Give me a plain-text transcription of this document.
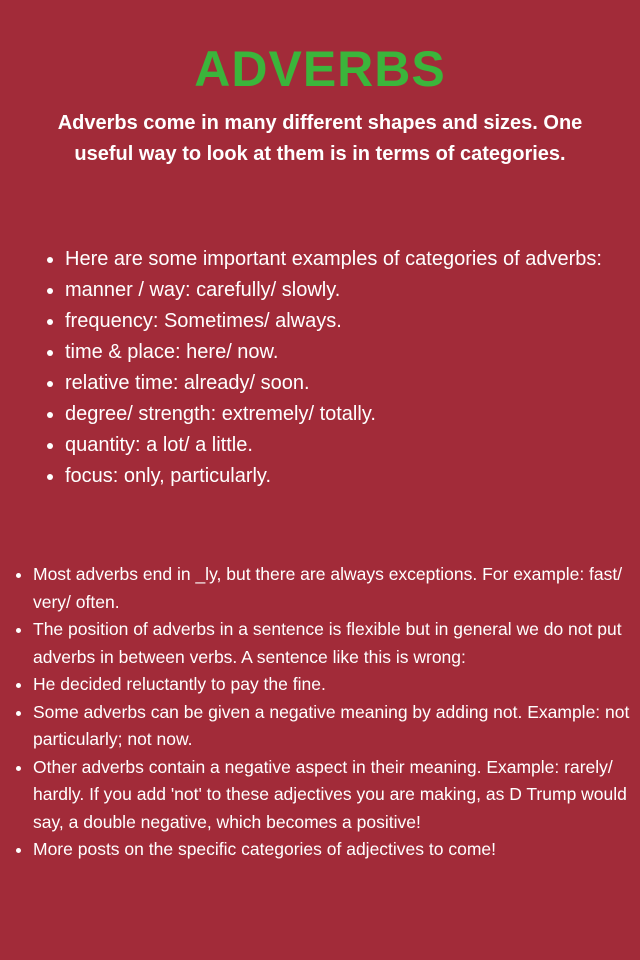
ADVERBS
Adverbs come in many different shapes and sizes. One useful way to look at them is in terms of categories.
• Here are some important examples of categories of adverbs:
• manner / way: carefully/ slowly.
• frequency: Sometimes/ always.
• time & place: here/ now.
• relative time: already/ soon.
• degree/ strength: extremely/ totally.
• quantity: a lot/ a little.
• focus: only, particularly.
• Most adverbs end in _ly, but there are always exceptions. For example: fast/ very/ often.
• The position of adverbs in a sentence is flexible but in general we do not put adverbs in between verbs. A sentence like this is wrong:
• He decided reluctantly to pay the fine.
• Some adverbs can be given a negative meaning by adding not. Example: not particularly; not now.
• Other adverbs contain a negative aspect in their meaning. Example: rarely/ hardly. If you add 'not' to these adjectives you are making, as D Trump would say, a double negative, which becomes a positive!
• More posts on the specific categories of adjectives to come!
